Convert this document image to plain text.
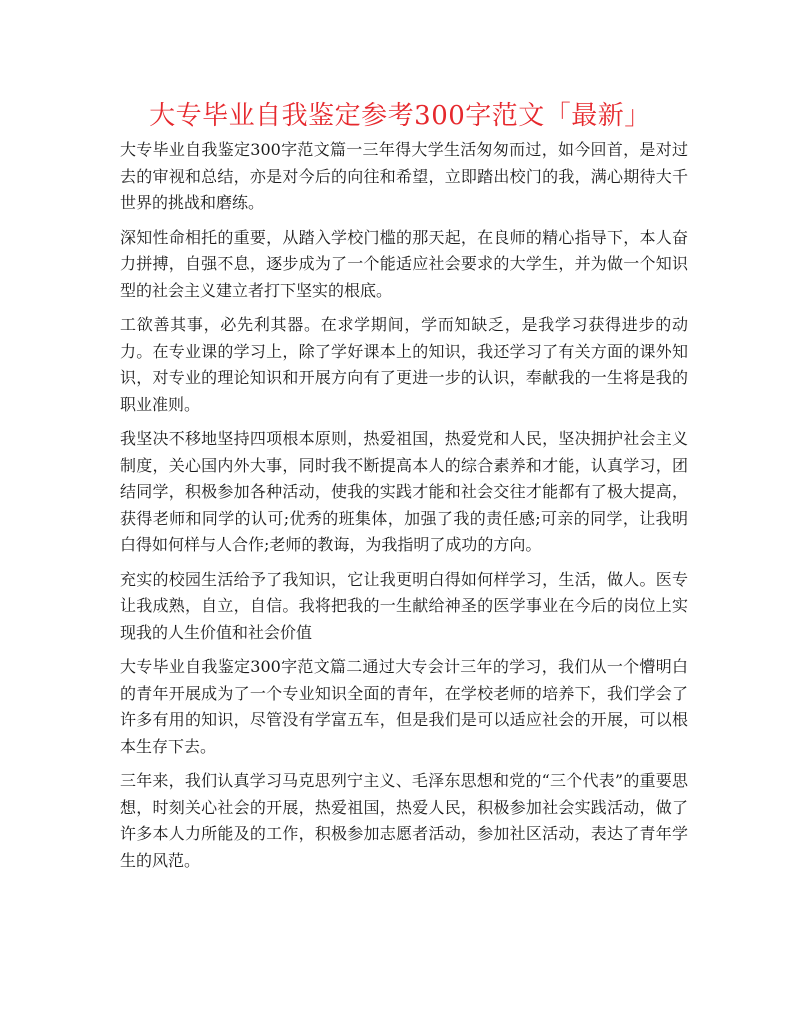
大专毕业自我鉴定参考300字范文「最新」

大专毕业自我鉴定300字范文篇一三年得大学生活匆匆而过，如今回首，是对过去的审视和总结，亦是对今后的向往和希望，立即踏出校门的我，满心期待大千世界的挑战和磨练。

深知性命相托的重要，从踏入学校门槛的那天起，在良师的精心指导下，本人奋力拼搏，自强不息，逐步成为了一个能适应社会要求的大学生，并为做一个知识型的社会主义建立者打下坚实的根底。

工欲善其事，必先利其器。在求学期间，学而知缺乏，是我学习获得进步的动力。在专业课的学习上，除了学好课本上的知识，我还学习了有关方面的课外知识，对专业的理论知识和开展方向有了更进一步的认识，奉献我的一生将是我的职业准则。

我坚决不移地坚持四项根本原则，热爱祖国，热爱党和人民，坚决拥护社会主义制度，关心国内外大事，同时我不断提高本人的综合素养和才能，认真学习，团结同学，积极参加各种活动，使我的实践才能和社会交往才能都有了极大提高，获得老师和同学的认可;优秀的班集体，加强了我的责任感;可亲的同学，让我明白得如何样与人合作;老师的教诲，为我指明了成功的方向。

充实的校园生活给予了我知识，它让我更明白得如何样学习，生活，做人。医专让我成熟，自立，自信。我将把我的一生献给神圣的医学事业在今后的岗位上实现我的人生价值和社会价值

大专毕业自我鉴定300字范文篇二通过大专会计三年的学习，我们从一个懵明白的青年开展成为了一个专业知识全面的青年，在学校老师的培养下，我们学会了许多有用的知识，尽管没有学富五车，但是我们是可以适应社会的开展，可以根本生存下去。

三年来，我们认真学习马克思列宁主义、毛泽东思想和党的“三个代表”的重要思想，时刻关心社会的开展，热爱祖国，热爱人民，积极参加社会实践活动，做了许多本人力所能及的工作，积极参加志愿者活动，参加社区活动，表达了青年学生的风范。
